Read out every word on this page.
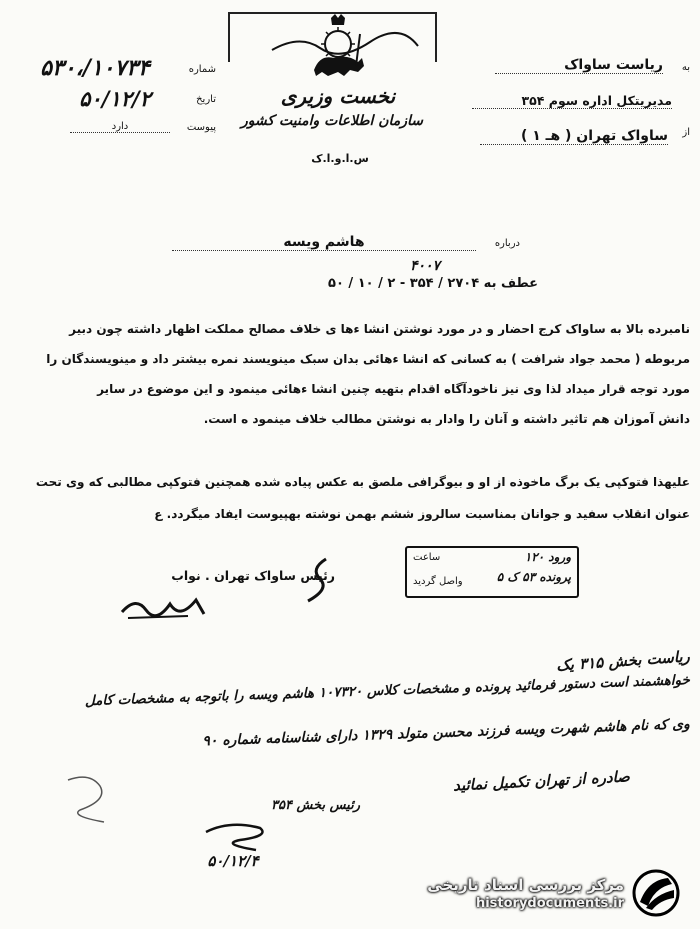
نخست وزیری
سازمان اطلاعات وامنیت کشور
س.ا.و.ا.ک
به
ریاست ساواک
مدیریتکل اداره سوم ۳۵۴
از
ساواک تهران ( هـ ۱ )
شماره
۵۳۰،/۱۰۷۳۴
تاریخ
۵۰/۱۲/۲
پیوست
دارد
درباره
هاشم ویسه
۴۰۰۷
عطف به ۲۷۰۴ / ۳۵۴ - ۲ / ۱۰ / ۵۰
نامبرده بالا به ساواک کرج احضار و در مورد نوشتن انشا ءها ی خلاف مصالح مملکت اظهار داشته چون دبیر
مربوطه ( محمد جواد شرافت ) به کسانی که انشا ءهائی بدان سبک مینویسند نمره بیشتر داد و مینویسندگان را
مورد توجه قرار میداد لذا وی نیز ناخودآگاه اقدام بتهیه چنین انشا ءهائی مینمود و این موضوع در سایر
دانش آموزان هم تاثیر داشته و آنان را وادار به نوشتن مطالب خلاف مینمود ه است.
علیهذا فتوکپی یک برگ ماخوذه از او و بیوگرافی ملصق به عکس پیاده شده همچنین فتوکپی مطالبی که وی تحت
عنوان انقلاب سفید و جوانان بمناسبت سالروز ششم بهمن نوشته بهپیوست ایفاد میگردد. ع
ورود ۱۲۰
پرونده ۵۳ ک ۵
ساعت
واصل گردید
رئیس ساواک تهران . نواب
ریاست بخش ۳۱۵ یک
خواهشمند است دستور فرمائید پرونده و مشخصات کلاس ۱۰۷۳۲۰ هاشم ویسه را باتوجه به مشخصات کامل
وی که نام هاشم شهرت ویسه فرزند محسن متولد ۱۳۲۹ دارای شناسنامه شماره ۹۰
صادره از تهران تکمیل نمائید
رئیس بخش ۳۵۴
۵۰/۱۲/۴
مرکز بررسی اسناد تاریخی
historydocuments.ir
